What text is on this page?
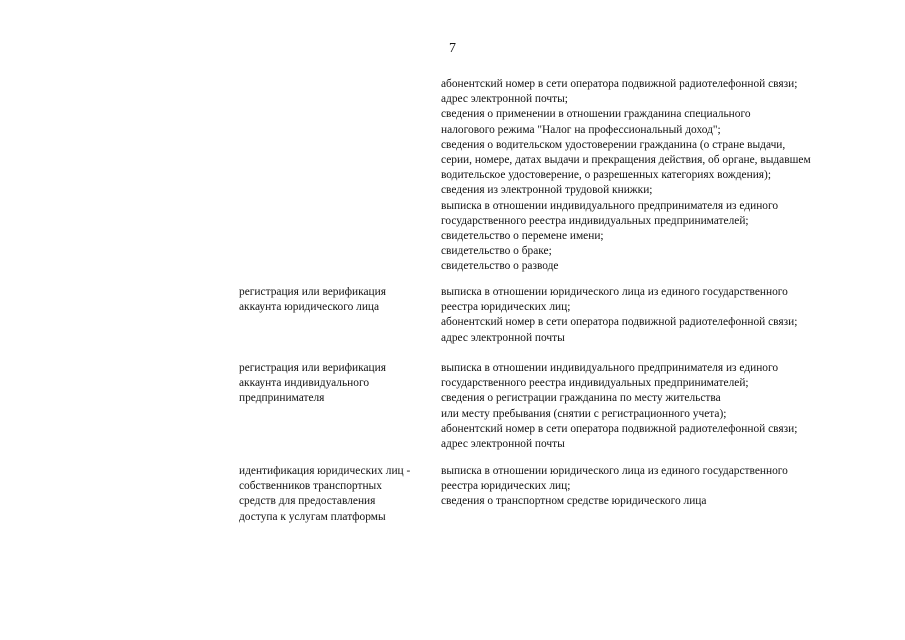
7
абонентский номер в сети оператора подвижной радиотелефонной связи;
адрес электронной почты;
сведения о применении в отношении гражданина специального
налогового режима "Налог на профессиональный доход";
сведения о водительском удостоверении гражданина (о стране выдачи,
серии, номере, датах выдачи и прекращения действия, об органе, выдавшем
водительское удостоверение, о разрешенных категориях вождения);
сведения из электронной трудовой книжки;
выписка в отношении индивидуального предпринимателя из единого
государственного реестра индивидуальных предпринимателей;
свидетельство о перемене имени;
свидетельство о браке;
свидетельство о разводе
регистрация или верификация
аккаунта юридического лица
выписка в отношении юридического лица из единого государственного
реестра юридических лиц;
абонентский номер в сети оператора подвижной радиотелефонной связи;
адрес электронной почты
регистрация или верификация
аккаунта индивидуального
предпринимателя
выписка в отношении индивидуального предпринимателя из единого
государственного реестра индивидуальных предпринимателей;
сведения о регистрации гражданина по месту жительства
или месту пребывания (снятии с регистрационного учета);
абонентский номер в сети оператора подвижной радиотелефонной связи;
адрес электронной почты
идентификация юридических лиц -
собственников транспортных
средств для предоставления
доступа к услугам платформы
выписка в отношении юридического лица из единого государственного
реестра юридических лиц;
сведения о транспортном средстве юридического лица
